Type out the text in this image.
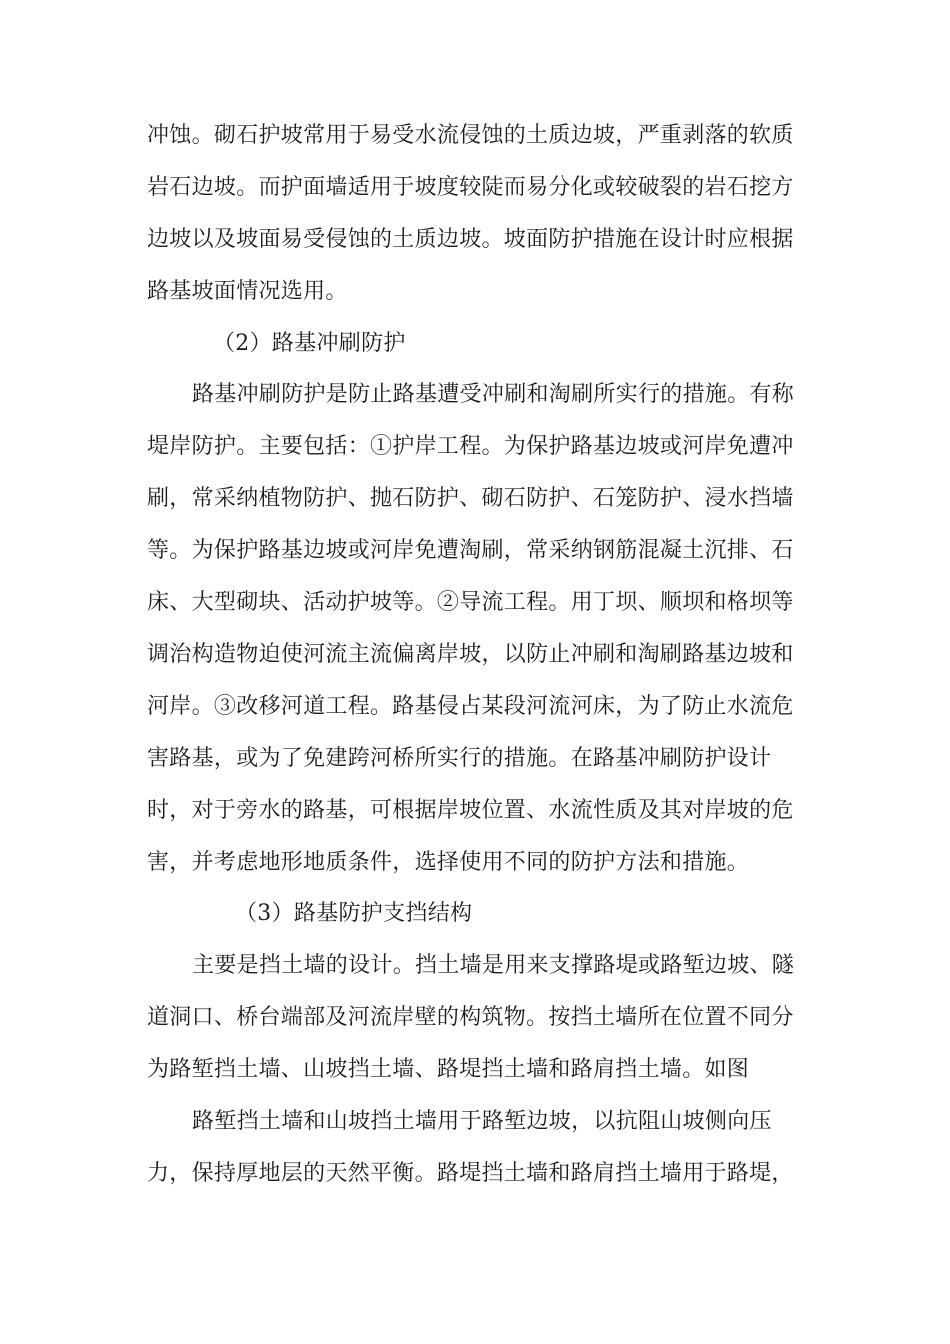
冲蚀。砌石护坡常用于易受水流侵蚀的土质边坡，严重剥落的软质
岩石边坡。而护面墙适用于坡度较陡而易分化或较破裂的岩石挖方
边坡以及坡面易受侵蚀的土质边坡。坡面防护措施在设计时应根据
路基坡面情况选用。
（2）路基冲刷防护
路基冲刷防护是防止路基遭受冲刷和淘刷所实行的措施。有称
堤岸防护。主要包括：①护岸工程。为保护路基边坡或河岸免遭冲
刷，常采纳植物防护、抛石防护、砌石防护、石笼防护、浸水挡墙
等。为保护路基边坡或河岸免遭淘刷，常采纳钢筋混凝土沉排、石
床、大型砌块、活动护坡等。②导流工程。用丁坝、顺坝和格坝等
调治构造物迫使河流主流偏离岸坡，以防止冲刷和淘刷路基边坡和
河岸。③改移河道工程。路基侵占某段河流河床，为了防止水流危
害路基，或为了免建跨河桥所实行的措施。在路基冲刷防护设计
时，对于旁水的路基，可根据岸坡位置、水流性质及其对岸坡的危
害，并考虑地形地质条件，选择使用不同的防护方法和措施。
（3）路基防护支挡结构
主要是挡土墙的设计。挡土墙是用来支撑路堤或路堑边坡、隧
道洞口、桥台端部及河流岸壁的构筑物。按挡土墙所在位置不同分
为路堑挡土墙、山坡挡土墙、路堤挡土墙和路肩挡土墙。如图
路堑挡土墙和山坡挡土墙用于路堑边坡，以抗阻山坡侧向压
力，保持厚地层的天然平衡。路堤挡土墙和路肩挡土墙用于路堤，
